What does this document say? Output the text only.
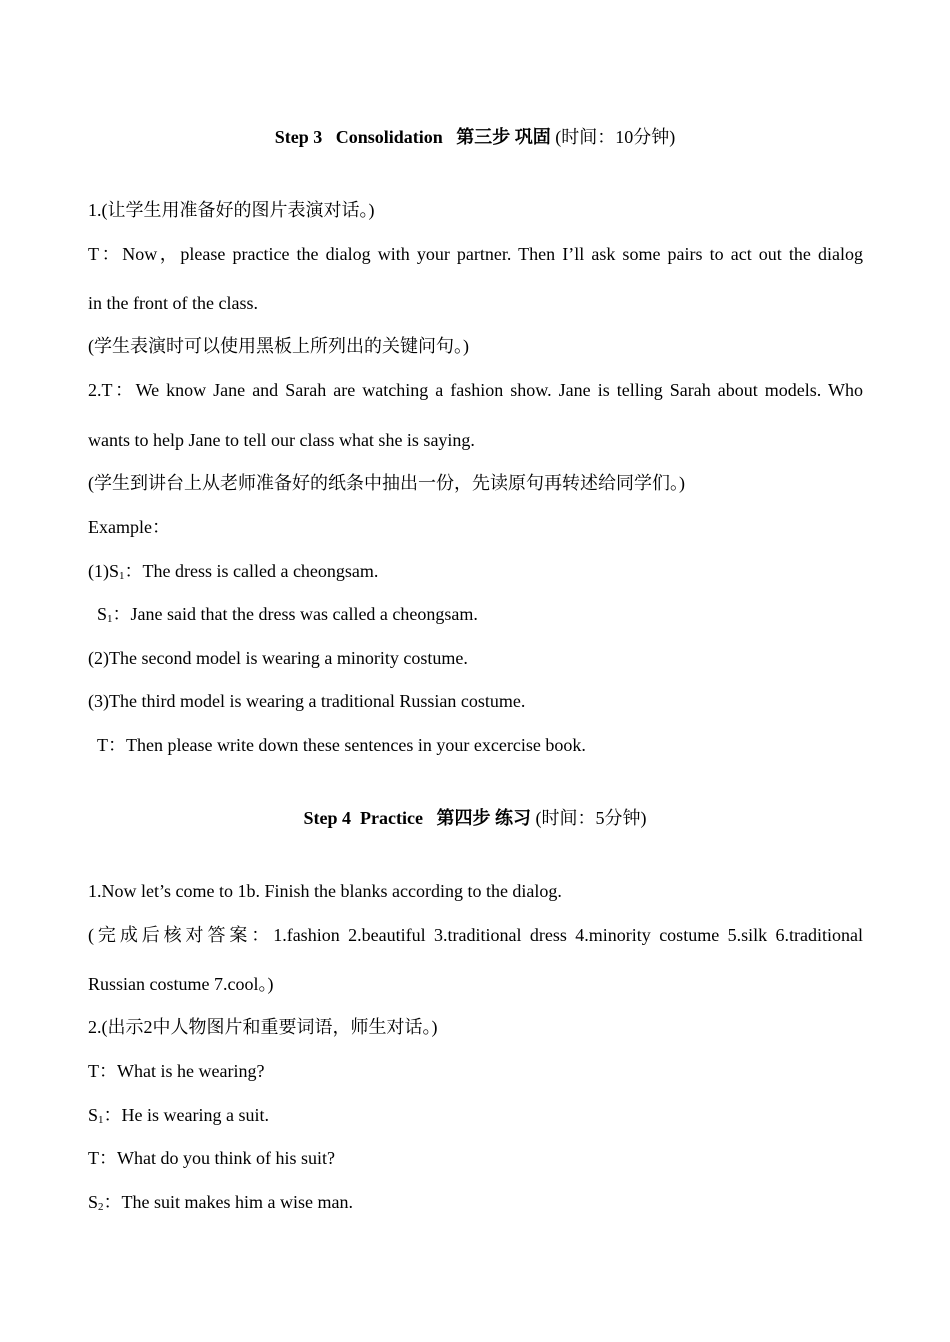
Step 3   Consolidation 第三步 巩固 (时间：10分钟)
1.(让学生用准备好的图片表演对话。)
T：Now，please practice the dialog with your partner. Then I’ll ask some pairs to act out the dialog
in the front of the class.
(学生表演时可以使用黑板上所列出的关键问句。)
2.T：We know Jane and Sarah are watching a fashion show. Jane is telling Sarah about models. Who
wants to help Jane to tell our class what she is saying.
(学生到讲台上从老师准备好的纸条中抽出一份，先读原句再转述给同学们。)
Example：
$(1)S_1$：The dress is called a cheongsam.
$S_1$：Jane said that the dress was called a cheongsam.
(2)The second model is wearing a minority costume.
(3)The third model is wearing a traditional Russian costume.
T：Then please write down these sentences in your excercise book.
Step 4  Practice 第四步 练习 (时间：5分钟)
1.Now let’s come to 1b. Finish the blanks according to the dialog.
(完成后核对答案：1.fashion 2.beautiful 3.traditional dress 4.minority costume 5.silk 6.traditional
Russian costume 7.cool。)
2.(出示2中人物图片和重要词语，师生对话。)
T：What is he wearing?
$S_1$：He is wearing a suit.
T：What do you think of his suit?
$S_2$：The suit makes him a wise man.
